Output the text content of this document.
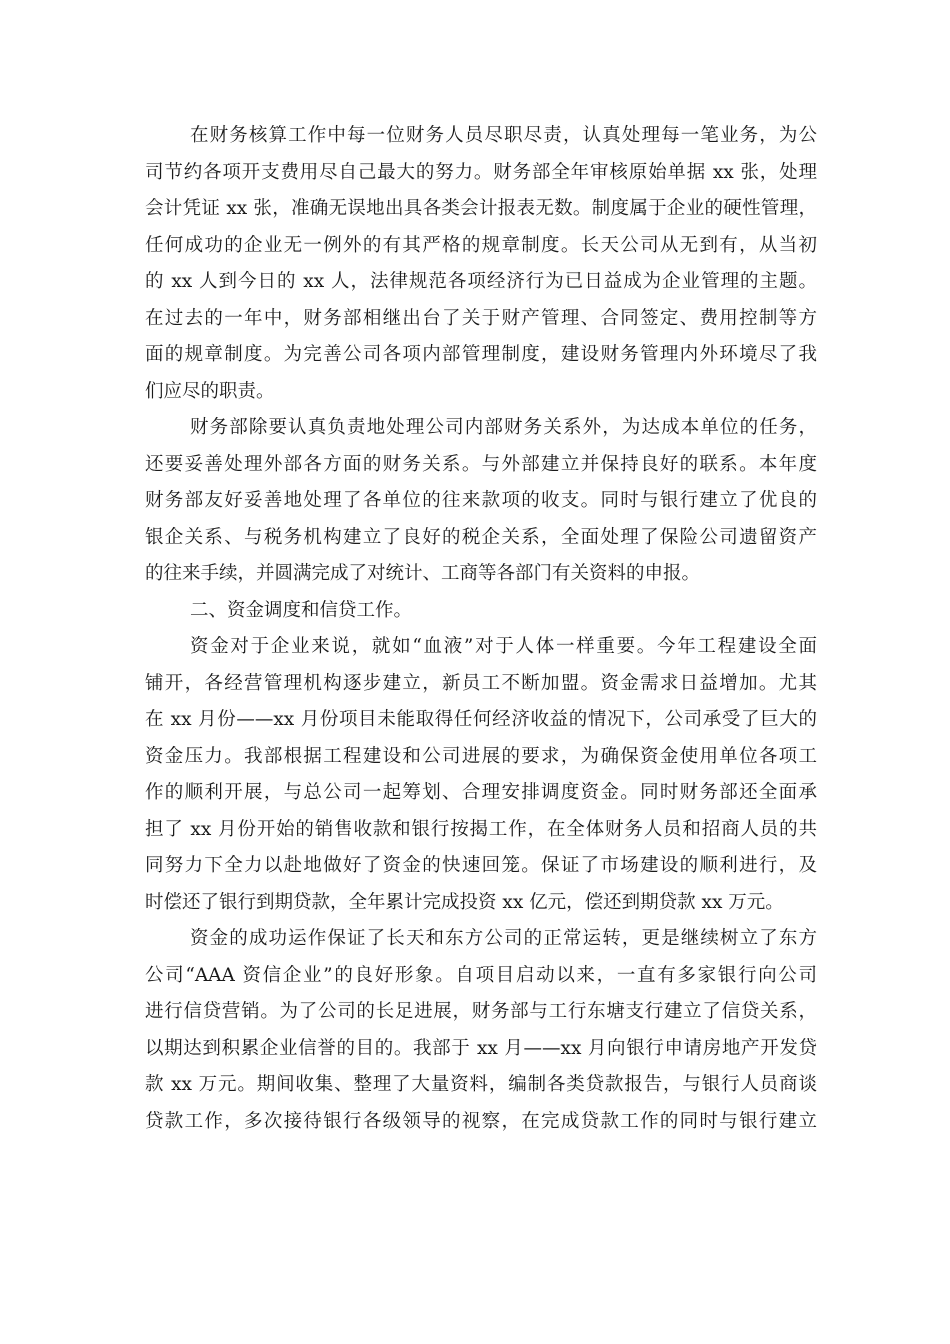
在财务核算工作中每一位财务人员尽职尽责，认真处理每一笔业务，为公
司节约各项开支费用尽自己最大的努力。财务部全年审核原始单据 xx 张，处理
会计凭证 xx 张，准确无误地出具各类会计报表无数。制度属于企业的硬性管理，
任何成功的企业无一例外的有其严格的规章制度。长天公司从无到有，从当初
的 xx 人到今日的 xx 人，法律规范各项经济行为已日益成为企业管理的主题。
在过去的一年中，财务部相继出台了关于财产管理、合同签定、费用控制等方
面的规章制度。为完善公司各项内部管理制度，建设财务管理内外环境尽了我
们应尽的职责。
财务部除要认真负责地处理公司内部财务关系外，为达成本单位的任务，
还要妥善处理外部各方面的财务关系。与外部建立并保持良好的联系。本年度
财务部友好妥善地处理了各单位的往来款项的收支。同时与银行建立了优良的
银企关系、与税务机构建立了良好的税企关系，全面处理了保险公司遗留资产
的往来手续，并圆满完成了对统计、工商等各部门有关资料的申报。
二、资金调度和信贷工作。
资金对于企业来说，就如“血液”对于人体一样重要。今年工程建设全面
铺开，各经营管理机构逐步建立，新员工不断加盟。资金需求日益增加。尤其
在 xx 月份——xx 月份项目未能取得任何经济收益的情况下，公司承受了巨大的
资金压力。我部根据工程建设和公司进展的要求，为确保资金使用单位各项工
作的顺利开展，与总公司一起筹划、合理安排调度资金。同时财务部还全面承
担了 xx 月份开始的销售收款和银行按揭工作，在全体财务人员和招商人员的共
同努力下全力以赴地做好了资金的快速回笼。保证了市场建设的顺利进行，及
时偿还了银行到期贷款，全年累计完成投资 xx 亿元，偿还到期贷款 xx 万元。
资金的成功运作保证了长天和东方公司的正常运转，更是继续树立了东方
公司“AAA 资信企业”的良好形象。自项目启动以来，一直有多家银行向公司
进行信贷营销。为了公司的长足进展，财务部与工行东塘支行建立了信贷关系，
以期达到积累企业信誉的目的。我部于 xx 月——xx 月向银行申请房地产开发贷
款 xx 万元。期间收集、整理了大量资料，编制各类贷款报告，与银行人员商谈
贷款工作，多次接待银行各级领导的视察，在完成贷款工作的同时与银行建立
